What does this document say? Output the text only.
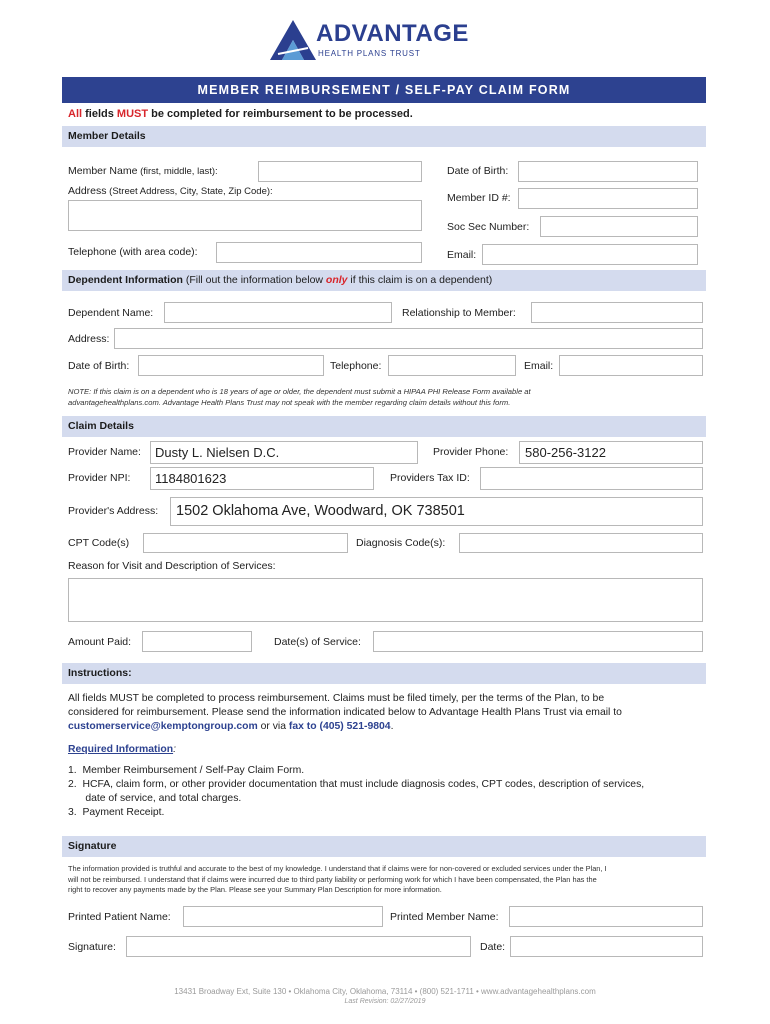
ADVANTAGE
HEALTH PLANS TRUST
MEMBER REIMBURSEMENT / SELF-PAY CLAIM FORM
All fields MUST be completed for reimbursement to be processed.
Member Details
Member Name (first, middle, last):	Date of Birth:
Address (Street Address, City, State, Zip Code):
Member ID #:
Soc Sec Number:
Telephone (with area code):	Email:
Dependent Information (Fill out the information below only if this claim is on a dependent)
Dependent Name:	Relationship to Member:
Address:
Date of Birth:	Telephone:	Email:
NOTE: If this claim is on a dependent who is 18 years of age or older, the dependent must submit a HIPAA PHI Release Form available at
advantagehealthplans.com. Advantage Health Plans Trust may not speak with the member regarding claim details without this form.
Claim Details
Provider Name: Dusty L. Nielsen D.C.	Provider Phone: 580-256-3122
Provider NPI: 1184801623	Providers Tax ID:
Provider's Address: 1502 Oklahoma Ave, Woodward, OK 738501
CPT Code(s)	Diagnosis Code(s):
Reason for Visit and Description of Services:
Amount Paid:	Date(s) of Service:
Instructions:
All fields MUST be completed to process reimbursement. Claims must be filed timely, per the terms of the Plan, to be
considered for reimbursement. Please send the information indicated below to Advantage Health Plans Trust via email to
customerservice@kemptongroup.com or via fax to (405) 521-9804.
Required Information:
1.  Member Reimbursement / Self-Pay Claim Form.
2.  HCFA, claim form, or other provider documentation that must include diagnosis codes, CPT codes, description of services,
date of service, and total charges.
3.  Payment Receipt.
Signature
The information provided is truthful and accurate to the best of my knowledge. I understand that if claims were for non-covered or excluded services under the Plan, I
will not be reimbursed. I understand that if claims were incurred due to third party liability or performing work for which I have been compensated, the Plan has the
right to recover any payments made by the Plan. Please see your Summary Plan Description for more information.
Printed Patient Name:	Printed Member Name:
Signature:	Date:
13431 Broadway Ext, Suite 130 • Oklahoma City, Oklahoma, 73114 • (800) 521-1711 • www.advantagehealthplans.com
Last Revision: 02/27/2019
